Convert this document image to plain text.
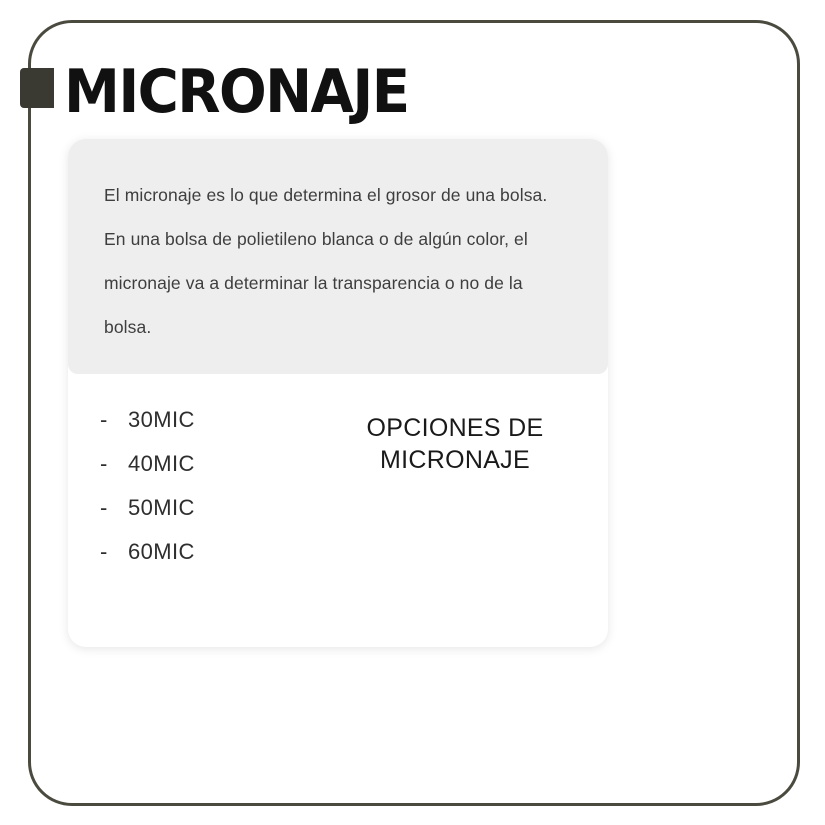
MICRONAJE
El micronaje es lo que determina el grosor de una bolsa. En una bolsa de polietileno blanca o de algún color, el micronaje va a determinar la transparencia o no de la bolsa.
- 30MIC
- 40MIC
- 50MIC
- 60MIC
OPCIONES DE MICRONAJE
